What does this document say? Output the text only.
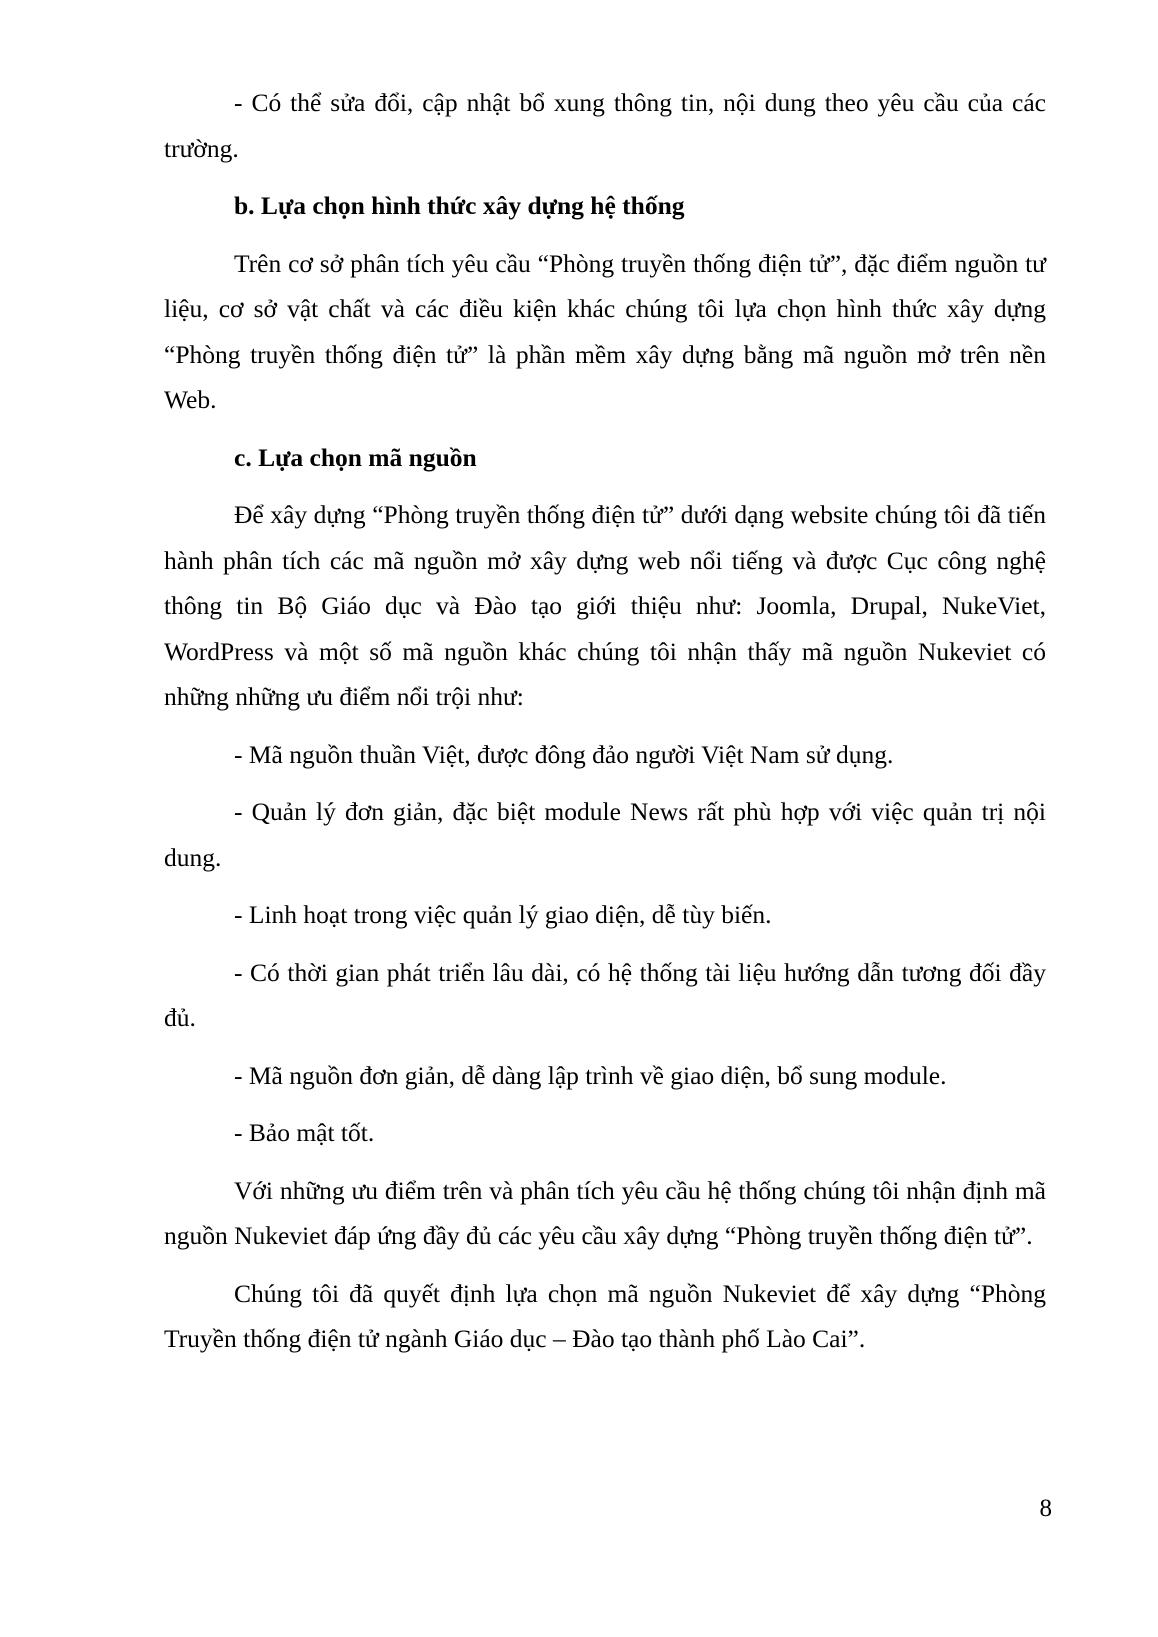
- Có thể sửa đổi, cập nhật bổ xung thông tin, nội dung theo yêu cầu của các trường.

b. Lựa chọn hình thức xây dựng hệ thống

Trên cơ sở phân tích yêu cầu “Phòng truyền thống điện tử”, đặc điểm nguồn tư liệu, cơ sở vật chất và các điều kiện khác chúng tôi lựa chọn hình thức xây dựng “Phòng truyền thống điện tử” là phần mềm xây dựng bằng mã nguồn mở trên nền Web.

c. Lựa chọn mã nguồn

Để xây dựng “Phòng truyền thống điện tử” dưới dạng website chúng tôi đã tiến hành phân tích các mã nguồn mở xây dựng web nổi tiếng và được Cục công nghệ thông tin Bộ Giáo dục và Đào tạo giới thiệu như: Joomla, Drupal, NukeViet, WordPress và một số mã nguồn khác chúng tôi nhận thấy mã nguồn Nukeviet có những những ưu điểm nổi trội như:

- Mã nguồn thuần Việt, được đông đảo người Việt Nam sử dụng.

- Quản lý đơn giản, đặc biệt module News rất phù hợp với việc quản trị nội dung.

- Linh hoạt trong việc quản lý giao diện, dễ tùy biến.

- Có thời gian phát triển lâu dài, có hệ thống tài liệu hướng dẫn tương đối đầy đủ.

- Mã nguồn đơn giản, dễ dàng lập trình về giao diện, bổ sung module.

- Bảo mật tốt.

Với những ưu điểm trên và phân tích yêu cầu hệ thống chúng tôi nhận định mã nguồn Nukeviet đáp ứng đầy đủ các yêu cầu xây dựng “Phòng truyền thống điện tử”.

Chúng tôi đã quyết định lựa chọn mã nguồn Nukeviet để xây dựng “Phòng Truyền thống điện tử ngành Giáo dục – Đào tạo thành phố Lào Cai”.

8
